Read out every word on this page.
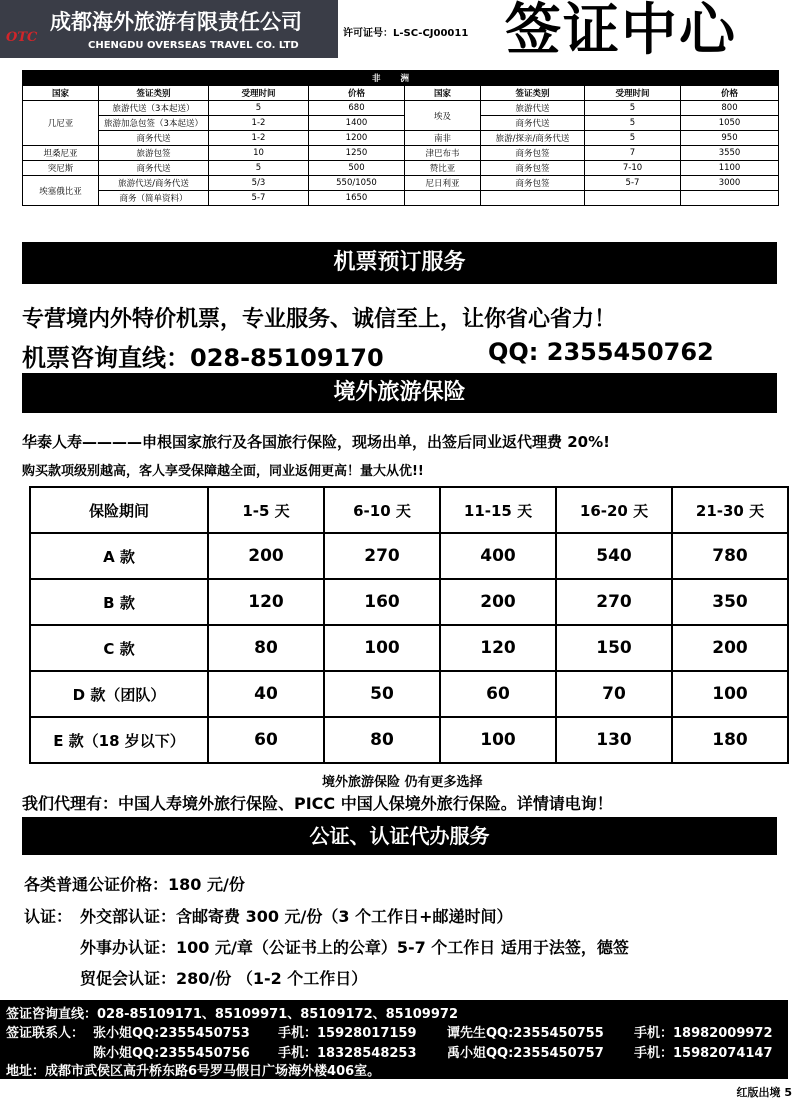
成都海外旅游有限责任公司
CHENGDU OVERSEAS TRAVEL CO. LTD
OTC	许可证号：L-SC-CJ00011 签证中心
非洲							
国家	签证类别	受理时间	价格	国家	签证类别	受理时间	价格
几尼亚	旅游代送（3本起送）	5	680	埃及	旅游代送	5	800
	旅游加急包签（3本起送）	1-2	1400		商务代送	5	1050
	商务代送	1-2	1200	南非	旅游/探亲/商务代送	5	950
坦桑尼亚	旅游包签	10	1250	津巴布韦	商务包签	7	3550
突尼斯	商务代送	5	500	赞比亚	商务包签	7-10	1100
埃塞俄比亚	旅游代送/商务代送	5/3	550/1050	尼日利亚	商务包签	5-7	3000
	商务（简单资料）	5-7	1650				
机票预订服务
专营境内外特价机票，专业服务、诚信至上，让你省心省力！
机票咨询直线：028-85109170	QQ: 2355450762
境外旅游保险
华泰人寿————申根国家旅行及各国旅行保险，现场出单，出签后同业返代理费 20%!
购买款项级别越高，客人享受保障越全面，同业返佣更高！量大从优!!
保险期间	1-5 天	6-10 天	11-15 天	16-20 天	21-30 天
A 款	200	270	400	540	780
B 款	120	160	200	270	350
C 款	80	100	120	150	200
D 款（团队）	40	50	60	70	100
E 款（18 岁以下）	60	80	100	130	180
境外旅游保险 仍有更多选择
我们代理有：中国人寿境外旅行保险、PICC 中国人保境外旅行保险。详情请电询！
公证、认证代办服务
各类普通公证价格：180 元/份
认证： 外交部认证：含邮寄费 300 元/份（3 个工作日+邮递时间）
外事办认证：100 元/章（公证书上的公章）5-7 个工作日 适用于法签，德签
贸促会认证：280/份 （1-2 个工作日）
签证咨询直线：028-85109171、85109971、85109172、85109972
签证联系人： 张小姐QQ:2355450753 手机：15928017159 谭先生QQ:2355450755 手机：18982009972
陈小姐QQ:2355450756 手机：18328548253 禹小姐QQ:2355450757 手机：15982074147
地址：成都市武侯区高升桥东路6号罗马假日广场海外楼406室。
红版出境 5
